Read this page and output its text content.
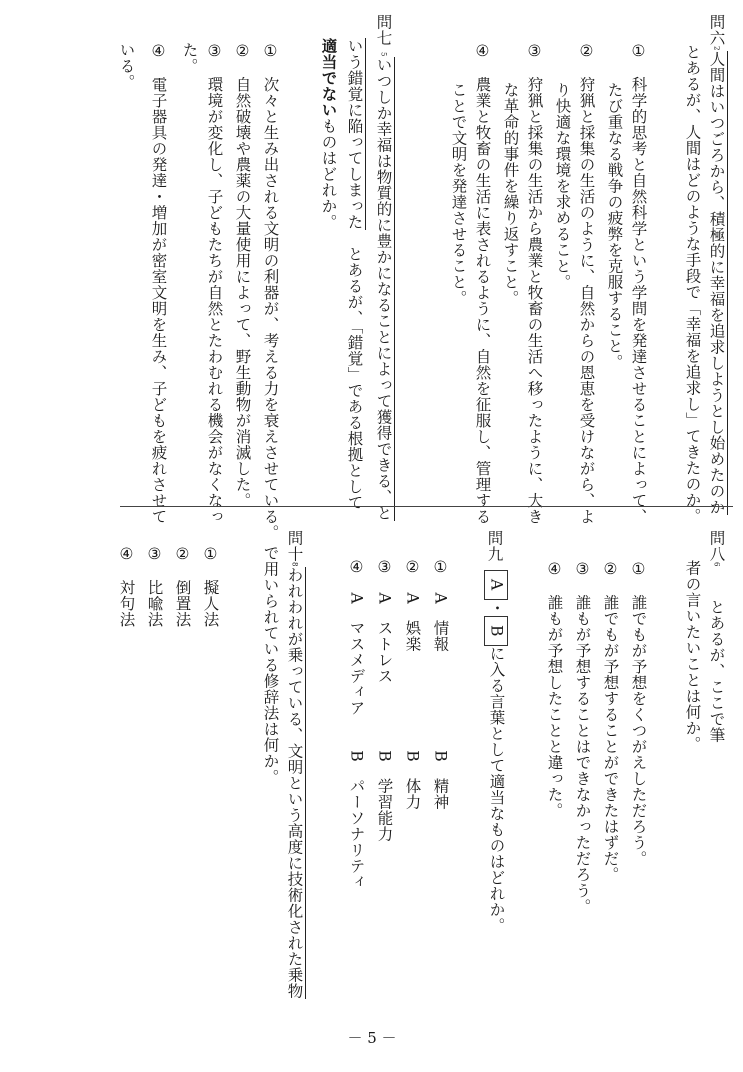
問六2人間はいつごろから、積極的に幸福を追求しようとし始めたのか
とあるが、人間はどのような手段で「幸福を追求し」てきたのか。
①　科学的思考と自然科学という学問を発達させることによって、
たび重なる戦争の疲弊を克服すること。
②　狩猟と採集の生活のように、自然からの恩恵を受けながら、よ
り快適な環境を求めること。
③　狩猟と採集の生活から農業と牧畜の生活へ移ったように、大き
な革命的事件を繰り返すこと。
④　農業と牧畜の生活に表されるように、自然を征服し、管理する
ことで文明を発達させること。
問七
5いつしか幸福は物質的に豊かになることによって獲得できる、と
いう錯覚に陥ってしまった　とあるが、「錯覚」である根拠として
適当でないものはどれか。
①　次々と生み出される文明の利器が、考える力を衰えさせている。
②　自然破壊や農薬の大量使用によって、野生動物が消滅した。
③　環境が変化し、子どもたちが自然とたわむれる機会がなくなっ
た。
④　電子器具の発達・増加が密室文明を生み、子どもを疲れさせて
いる。
問八6　　とあるが、ここで筆
者の言いたいことは何か。
①　誰でもが予想をくつがえしただろう。
②　誰でもが予想することができたはずだ。
③　誰もが予想することはできなかっただろう。
④　誰もが予想したことと違った。
問九
A・Bに入る言葉として適当なものはどれか。
①　A　情報B　精神
②　A　娯楽B　体力
③　A　ストレスB　学習能力
④　A　マスメディアB　パーソナリティ
問十8われわれが乗っている、文明という高度に技術化された乗物
で用いられている修辞法は何か。
①　擬人法
②　倒置法
③　比喩法
④　対句法
－ 5 －
